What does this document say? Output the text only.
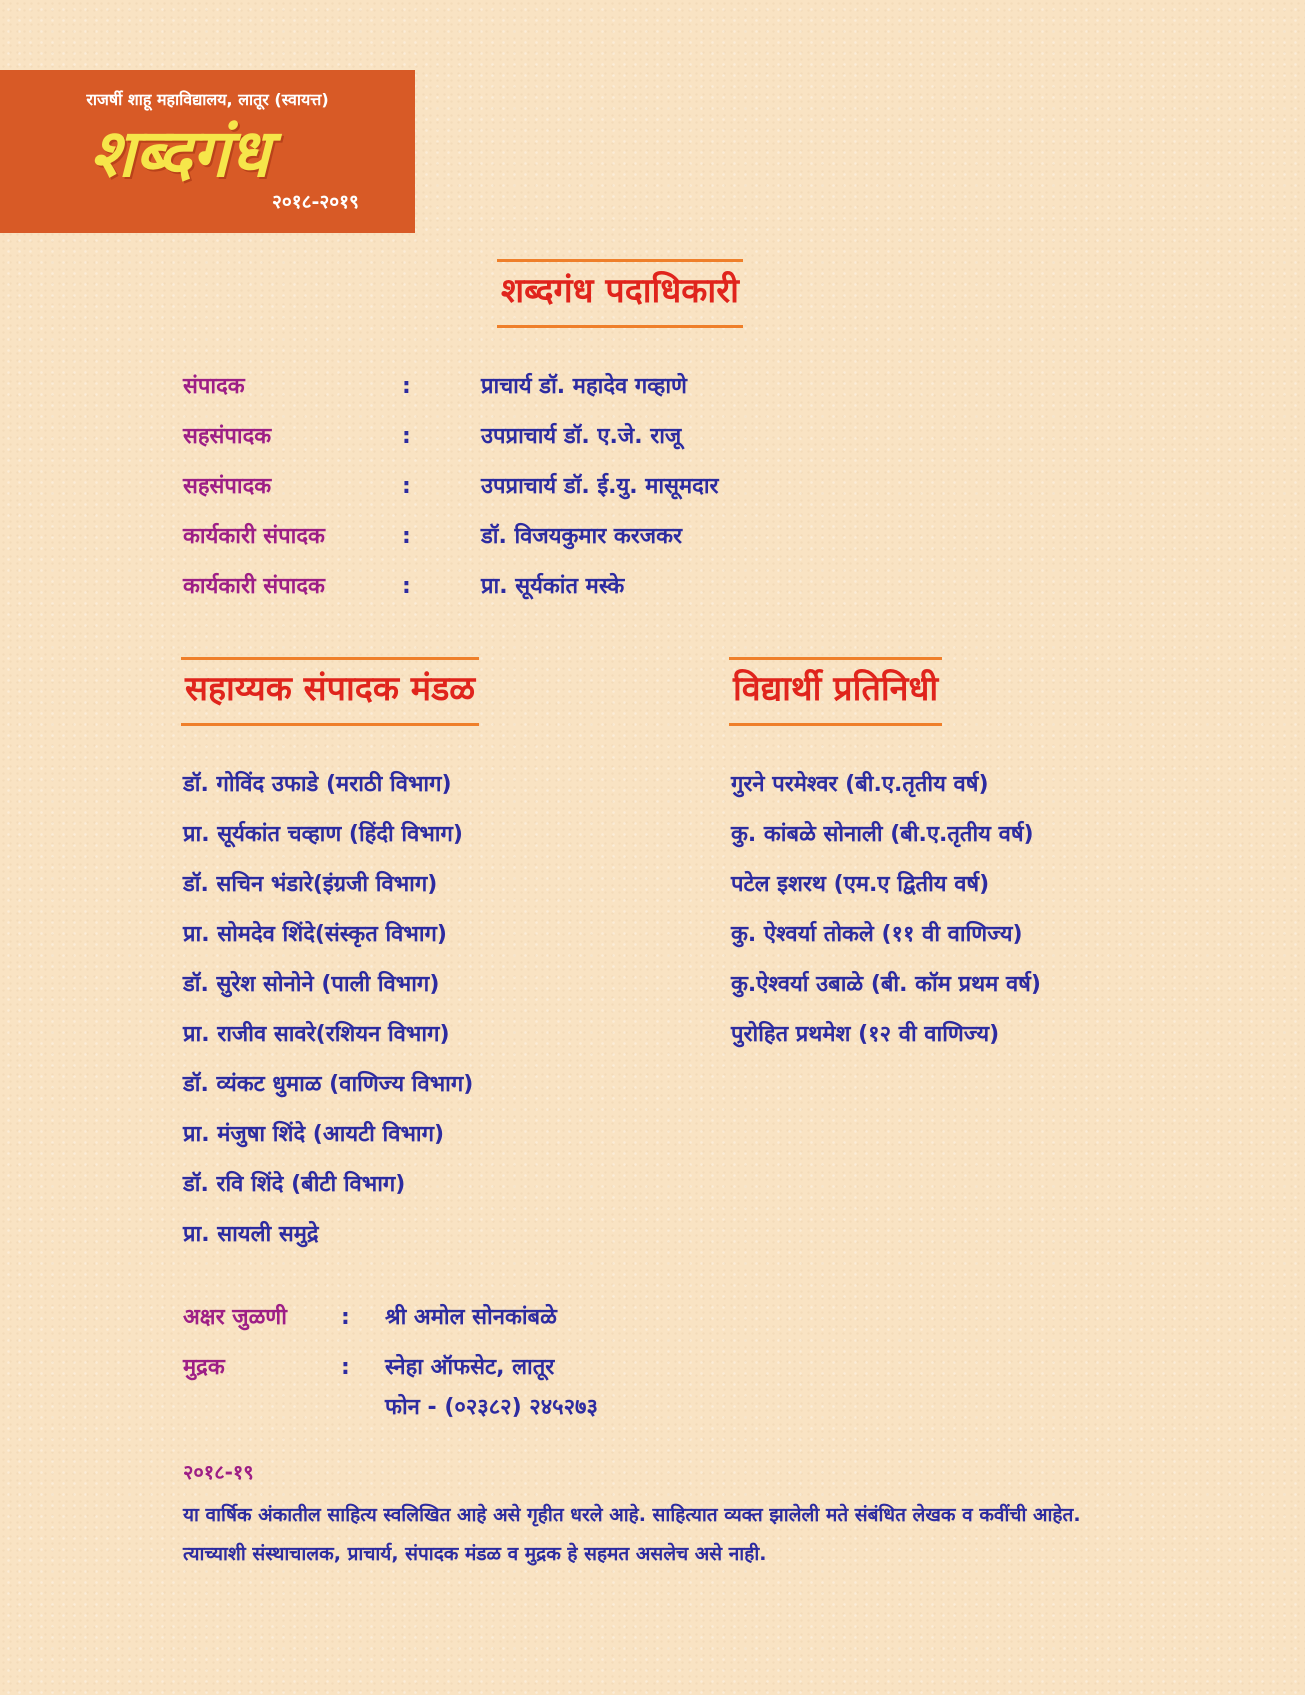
राजर्षी शाहू महाविद्यालय, लातूर (स्वायत्त)
शब्दगंध
२०१८-२०१९
शब्दगंध पदाधिकारी
संपादक	:	प्राचार्य डॉ. महादेव गव्हाणे
सहसंपादक	:	उपप्राचार्य डॉ. ए.जे. राजू
सहसंपादक	:	उपप्राचार्य डॉ. ई.यु. मासूमदार
कार्यकारी संपादक	:	डॉ. विजयकुमार करजकर
कार्यकारी संपादक	:	प्रा. सूर्यकांत मस्के
सहाय्यक संपादक मंडळ
डॉ. गोविंद उफाडे (मराठी विभाग)
प्रा. सूर्यकांत चव्हाण (हिंदी विभाग)
डॉ. सचिन भंडारे(इंग्रजी विभाग)
प्रा. सोमदेव शिंदे(संस्कृत विभाग)
डॉ. सुरेश सोनोने (पाली विभाग)
प्रा. राजीव सावरे(रशियन विभाग)
डॉ. व्यंकट धुमाळ (वाणिज्य विभाग)
प्रा. मंजुषा शिंदे (आयटी विभाग)
डॉ. रवि शिंदे (बीटी विभाग)
प्रा. सायली समुद्रे
विद्यार्थी प्रतिनिधी
गुरने परमेश्वर (बी.ए.तृतीय वर्ष)
कु. कांबळे सोनाली (बी.ए.तृतीय वर्ष)
पटेल इशरथ (एम.ए द्वितीय वर्ष)
कु. ऐश्वर्या तोकले (११ वी वाणिज्य)
कु.ऐश्वर्या उबाळे (बी. कॉम प्रथम वर्ष)
पुरोहित प्रथमेश (१२ वी वाणिज्य)
अक्षर जुळणी : श्री अमोल सोनकांबळे
मुद्रक	: स्नेहा ऑफसेट, लातूर
फोन - (०२३८२) २४५२७३
२०१८-१९
या वार्षिक अंकातील साहित्य स्वलिखित आहे असे गृहीत धरले आहे. साहित्यात व्यक्त झालेली मते संबंधित लेखक व कवींची आहेत. त्याच्याशी संस्थाचालक, प्राचार्य, संपादक मंडळ व मुद्रक हे सहमत असलेच असे नाही.
